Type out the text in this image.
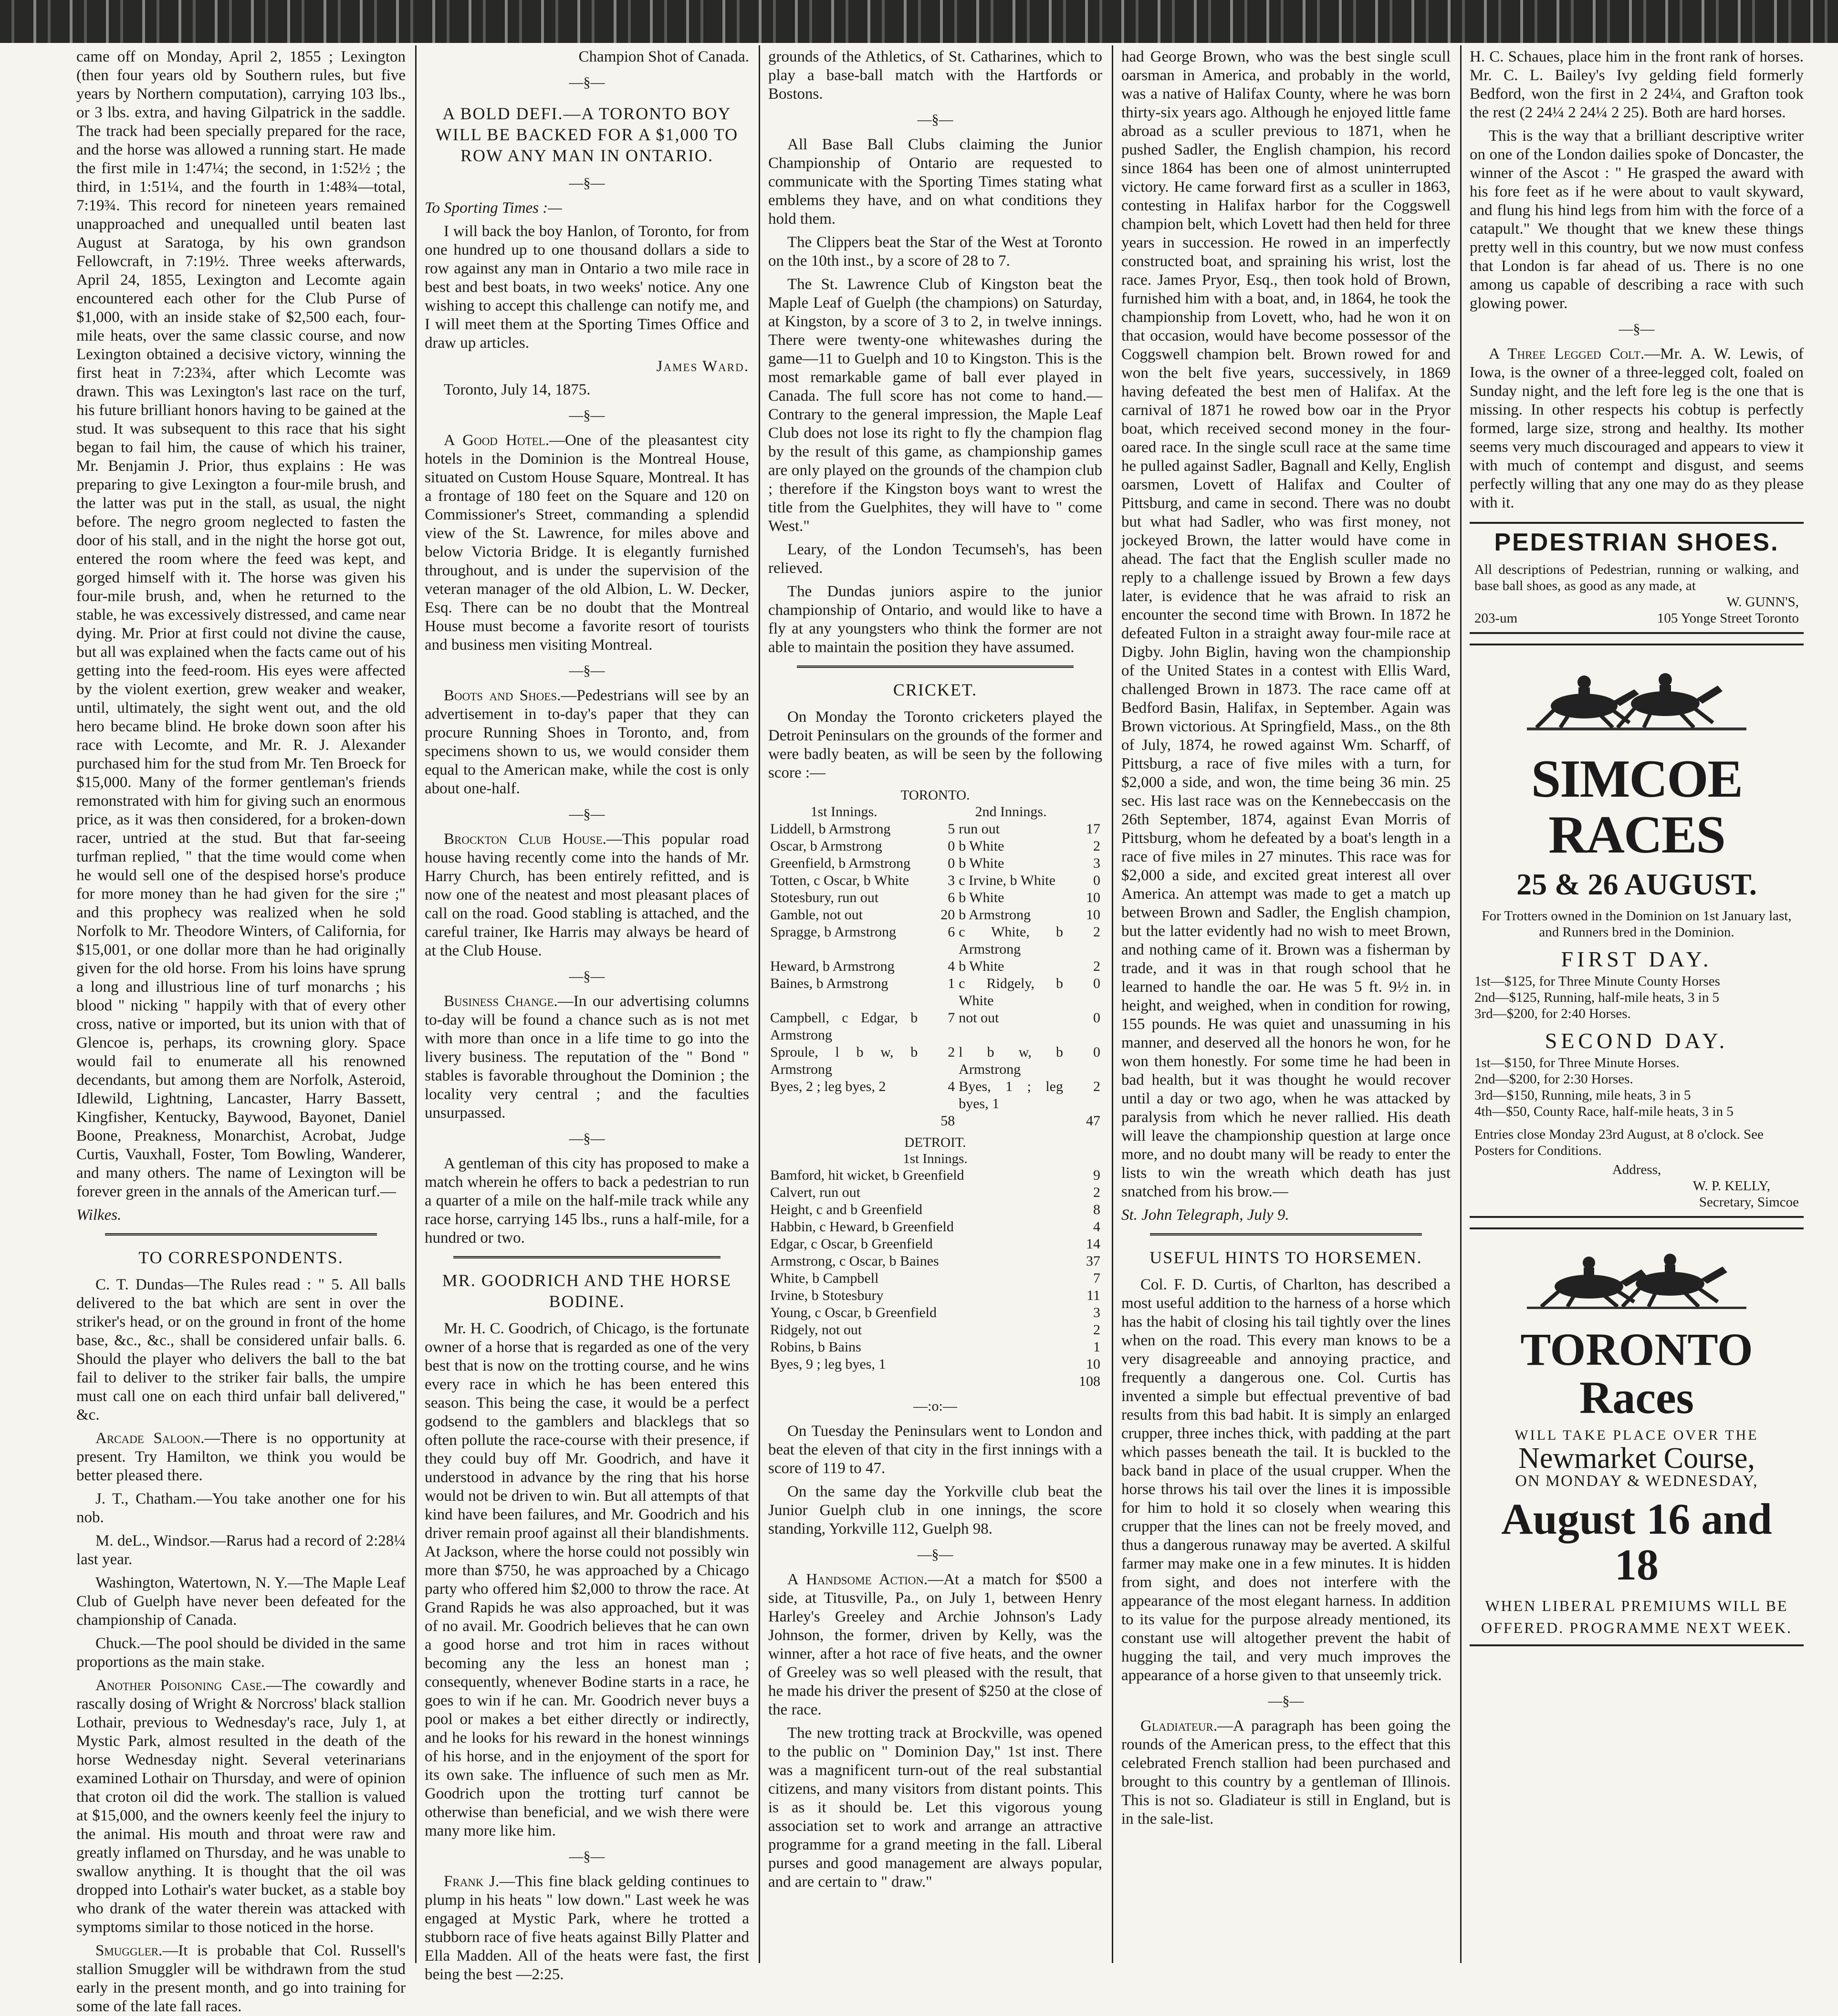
came off on Monday, April 2, 1855 ; Lexington (then four years old by Southern rules, but five years by Northern computation), carrying 103 lbs., or 3 lbs. extra, and having Gilpatrick in the saddle. The track had been specially prepared for the race, and the horse was allowed a running start. He made the first mile in 1:47¼; the second, in 1:52½ ; the third, in 1:51¼, and the fourth in 1:48¾—total, 7:19¾. This record for nineteen years remained unapproached and unequalled until beaten last August at Saratoga, by his own grandson Fellowcraft, in 7:19½. Three weeks afterwards, April 24, 1855, Lexington and Lecomte again encountered each other for the Club Purse of $1,000, with an inside stake of $2,500 each, four-mile heats, over the same classic course, and now Lexington obtained a decisive victory, winning the first heat in 7:23¾, after which Lecomte was drawn. This was Lexington's last race on the turf, his future brilliant honors having to be gained at the stud. It was subsequent to this race that his sight began to fail him, the cause of which his trainer, Mr. Benjamin J. Prior, thus explains : He was preparing to give Lexington a four-mile brush, and the latter was put in the stall, as usual, the night before. The negro groom neglected to fasten the door of his stall, and in the night the horse got out, entered the room where the feed was kept, and gorged himself with it. The horse was given his four-mile brush, and, when he returned to the stable, he was excessively distressed, and came near dying. Mr. Prior at first could not divine the cause, but all was explained when the facts came out of his getting into the feed-room. His eyes were affected by the violent exertion, grew weaker and weaker, until, ultimately, the sight went out, and the old hero became blind. He broke down soon after his race with Lecomte, and Mr. R. J. Alexander purchased him for the stud from Mr. Ten Broeck for $15,000. Many of the former gentleman's friends remonstrated with him for giving such an enormous price, as it was then considered, for a broken-down racer, untried at the stud. But that far-seeing turfman replied, " that the time would come when he would sell one of the despised horse's produce for more money than he had given for the sire ;" and this prophecy was realized when he sold Norfolk to Mr. Theodore Winters, of California, for $15,001, or one dollar more than he had originally given for the old horse. From his loins have sprung a long and illustrious line of turf monarchs ; his blood " nicking " happily with that of every other cross, native or imported, but its union with that of Glencoe is, perhaps, its crowning glory. Space would fail to enumerate all his renowned decendants, but among them are Norfolk, Asteroid, Idlewild, Lightning, Lancaster, Harry Bassett, Kingfisher, Kentucky, Baywood, Bayonet, Daniel Boone, Preakness, Monarchist, Acrobat, Judge Curtis, Vauxhall, Foster, Tom Bowling, Wanderer, and many others. The name of Lexington will be forever green in the annals of the American turf.—

Wilkes.

TO CORRESPONDENTS.

C. T. Dundas—The Rules read : " 5. All balls delivered to the bat which are sent in over the striker's head, or on the ground in front of the home base, &c., &c., shall be considered unfair balls. 6. Should the player who delivers the ball to the bat fail to deliver to the striker fair balls, the umpire must call one on each third unfair ball delivered," &c.

Arcade Saloon.—There is no opportunity at present. Try Hamilton, we think you would be better pleased there.

J. T., Chatham.—You take another one for his nob.

M. deL., Windsor.—Rarus had a record of 2:28¼ last year.

Washington, Watertown, N. Y.—The Maple Leaf Club of Guelph have never been defeated for the championship of Canada.

Chuck.—The pool should be divided in the same proportions as the main stake.

Another Poisoning Case.—The cowardly and rascally dosing of Wright & Norcross' black stallion Lothair, previous to Wednesday's race, July 1, at Mystic Park, almost resulted in the death of the horse Wednesday night. Several veterinarians examined Lothair on Thursday, and were of opinion that croton oil did the work. The stallion is valued at $15,000, and the owners keenly feel the injury to the animal. His mouth and throat were raw and greatly inflamed on Thursday, and he was unable to swallow anything. It is thought that the oil was dropped into Lothair's water bucket, as a stable boy who drank of the water therein was attacked with symptoms similar to those noticed in the horse.

Smuggler.—It is probable that Col. Russell's stallion Smuggler will be withdrawn from the stud early in the present month, and go into training for some of the late fall races.

Champion Shot of Canada.

—§—
A BOLD DEFI.—A TORONTO BOY WILL BE BACKED FOR A $1,000 TO ROW ANY MAN IN ONTARIO.
—§—

To Sporting Times :—

I will back the boy Hanlon, of Toronto, for from one hundred up to one thousand dollars a side to row against any man in Ontario a two mile race in best and best boats, in two weeks' notice. Any one wishing to accept this challenge can notify me, and I will meet them at the Sporting Times Office and draw up articles.

James Ward.

Toronto, July 14, 1875.

—§—

A Good Hotel.—One of the pleasantest city hotels in the Dominion is the Montreal House, situated on Custom House Square, Montreal. It has a frontage of 180 feet on the Square and 120 on Commissioner's Street, commanding a splendid view of the St. Lawrence, for miles above and below Victoria Bridge. It is elegantly furnished throughout, and is under the supervision of the veteran manager of the old Albion, L. W. Decker, Esq. There can be no doubt that the Montreal House must become a favorite resort of tourists and business men visiting Montreal.

—§—

Boots and Shoes.—Pedestrians will see by an advertisement in to-day's paper that they can procure Running Shoes in Toronto, and, from specimens shown to us, we would consider them equal to the American make, while the cost is only about one-half.

—§—

Brockton Club House.—This popular road house having recently come into the hands of Mr. Harry Church, has been entirely refitted, and is now one of the neatest and most pleasant places of call on the road. Good stabling is attached, and the careful trainer, Ike Harris may always be heard of at the Club House.

—§—

Business Change.—In our advertising columns to-day will be found a chance such as is not met with more than once in a life time to go into the livery business. The reputation of the " Bond " stables is favorable throughout the Dominion ; the locality very central ; and the faculties unsurpassed.

—§—

A gentleman of this city has proposed to make a match wherein he offers to back a pedestrian to run a quarter of a mile on the half-mile track while any race horse, carrying 145 lbs., runs a half-mile, for a hundred or two.

MR. GOODRICH AND THE HORSE BODINE.

Mr. H. C. Goodrich, of Chicago, is the fortunate owner of a horse that is regarded as one of the very best that is now on the trotting course, and he wins every race in which he has been entered this season. This being the case, it would be a perfect godsend to the gamblers and blacklegs that so often pollute the race-course with their presence, if they could buy off Mr. Goodrich, and have it understood in advance by the ring that his horse would not be driven to win. But all attempts of that kind have been failures, and Mr. Goodrich and his driver remain proof against all their blandishments. At Jackson, where the horse could not possibly win more than $750, he was approached by a Chicago party who offered him $2,000 to throw the race. At Grand Rapids he was also approached, but it was of no avail. Mr. Goodrich believes that he can own a good horse and trot him in races without becoming any the less an honest man ; consequently, whenever Bodine starts in a race, he goes to win if he can. Mr. Goodrich never buys a pool or makes a bet either directly or indirectly, and he looks for his reward in the honest winnings of his horse, and in the enjoyment of the sport for its own sake. The influence of such men as Mr. Goodrich upon the trotting turf cannot be otherwise than beneficial, and we wish there were many more like him.

—§—

Frank J.—This fine black gelding continues to plump in his heats " low down." Last week he was engaged at Mystic Park, where he trotted a stubborn race of five heats against Billy Platter and Ella Madden. All of the heats were fast, the first being the best —2:25.

grounds of the Athletics, of St. Catharines, which to play a base-ball match with the Hartfords or Bostons.

—§—

All Base Ball Clubs claiming the Junior Championship of Ontario are requested to communicate with the Sporting Times stating what emblems they have, and on what conditions they hold them.

The Clippers beat the Star of the West at Toronto on the 10th inst., by a score of 28 to 7.

The St. Lawrence Club of Kingston beat the Maple Leaf of Guelph (the champions) on Saturday, at Kingston, by a score of 3 to 2, in twelve innings. There were twenty-one whitewashes during the game—11 to Guelph and 10 to Kingston. This is the most remarkable game of ball ever played in Canada. The full score has not come to hand.—Contrary to the general impression, the Maple Leaf Club does not lose its right to fly the champion flag by the result of this game, as championship games are only played on the grounds of the champion club ; therefore if the Kingston boys want to wrest the title from the Guelphites, they will have to " come West."

Leary, of the London Tecumseh's, has been relieved.

The Dundas juniors aspire to the junior championship of Ontario, and would like to have a fly at any youngsters who think the former are not able to maintain the position they have assumed.

CRICKET.

On Monday the Toronto cricketers played the Detroit Peninsulars on the grounds of the former and were badly beaten, as will be seen by the following score :—

TORONTO.
1st Innings.		2nd Innings.	
Liddell, b Armstrong	5	run out	17
Oscar, b Armstrong	0	b White	2
Greenfield, b Armstrong	0	b White	3
Totten, c Oscar, b White	3	c Irvine, b White	0
Stotesbury, run out	6	b White	10
Gamble, not out	20	b Armstrong	10
Spragge, b Armstrong	6	c White, b Armstrong	2
Heward, b Armstrong	4	b White	2
Baines, b Armstrong	1	c Ridgely, b White	0
Campbell, c Edgar, b Armstrong	7	not out	0
Sproule, l b w, b Armstrong	2	l b w, b Armstrong	0
Byes, 2 ; leg byes, 2	4	Byes, 1 ; leg byes, 1	2
	58		47
DETROIT.
1st Innings.
Bamford, hit wicket, b Greenfield	9
Calvert, run out	2
Height, c and b Greenfield	8
Habbin, c Heward, b Greenfield	4
Edgar, c Oscar, b Greenfield	14
Armstrong, c Oscar, b Baines	37
White, b Campbell	7
Irvine, b Stotesbury	11
Young, c Oscar, b Greenfield	3
Ridgely, not out	2
Robins, b Bains	1
Byes, 9 ; leg byes, 1	10
	108
—:o:—

On Tuesday the Peninsulars went to London and beat the eleven of that city in the first innings with a score of 119 to 47.

On the same day the Yorkville club beat the Junior Guelph club in one innings, the score standing, Yorkville 112, Guelph 98.

—§—

A Handsome Action.—At a match for $500 a side, at Titusville, Pa., on July 1, between Henry Harley's Greeley and Archie Johnson's Lady Johnson, the former, driven by Kelly, was the winner, after a hot race of five heats, and the owner of Greeley was so well pleased with the result, that he made his driver the present of $250 at the close of the race.

The new trotting track at Brockville, was opened to the public on " Dominion Day," 1st inst. There was a magnificent turn-out of the real substantial citizens, and many visitors from distant points. This is as it should be. Let this vigorous young association set to work and arrange an attractive programme for a grand meeting in the fall. Liberal purses and good management are always popular, and are certain to " draw."

had George Brown, who was the best single scull oarsman in America, and probably in the world, was a native of Halifax County, where he was born thirty-six years ago. Although he enjoyed little fame abroad as a sculler previous to 1871, when he pushed Sadler, the English champion, his record since 1864 has been one of almost uninterrupted victory. He came forward first as a sculler in 1863, contesting in Halifax harbor for the Coggswell champion belt, which Lovett had then held for three years in succession. He rowed in an imperfectly constructed boat, and spraining his wrist, lost the race. James Pryor, Esq., then took hold of Brown, furnished him with a boat, and, in 1864, he took the championship from Lovett, who, had he won it on that occasion, would have become possessor of the Coggswell champion belt. Brown rowed for and won the belt five years, successively, in 1869 having defeated the best men of Halifax. At the carnival of 1871 he rowed bow oar in the Pryor boat, which received second money in the four-oared race. In the single scull race at the same time he pulled against Sadler, Bagnall and Kelly, English oarsmen, Lovett of Halifax and Coulter of Pittsburg, and came in second. There was no doubt but what had Sadler, who was first money, not jockeyed Brown, the latter would have come in ahead. The fact that the English sculler made no reply to a challenge issued by Brown a few days later, is evidence that he was afraid to risk an encounter the second time with Brown. In 1872 he defeated Fulton in a straight away four-mile race at Digby. John Biglin, having won the championship of the United States in a contest with Ellis Ward, challenged Brown in 1873. The race came off at Bedford Basin, Halifax, in September. Again was Brown victorious. At Springfield, Mass., on the 8th of July, 1874, he rowed against Wm. Scharff, of Pittsburg, a race of five miles with a turn, for $2,000 a side, and won, the time being 36 min. 25 sec. His last race was on the Kennebeccasis on the 26th September, 1874, against Evan Morris of Pittsburg, whom he defeated by a boat's length in a race of five miles in 27 minutes. This race was for $2,000 a side, and excited great interest all over America. An attempt was made to get a match up between Brown and Sadler, the English champion, but the latter evidently had no wish to meet Brown, and nothing came of it. Brown was a fisherman by trade, and it was in that rough school that he learned to handle the oar. He was 5 ft. 9½ in. in height, and weighed, when in condition for rowing, 155 pounds. He was quiet and unassuming in his manner, and deserved all the honors he won, for he won them honestly. For some time he had been in bad health, but it was thought he would recover until a day or two ago, when he was attacked by paralysis from which he never rallied. His death will leave the championship question at large once more, and no doubt many will be ready to enter the lists to win the wreath which death has just snatched from his brow.—

St. John Telegraph, July 9.

USEFUL HINTS TO HORSEMEN.

Col. F. D. Curtis, of Charlton, has described a most useful addition to the harness of a horse which has the habit of closing his tail tightly over the lines when on the road. This every man knows to be a very disagreeable and annoying practice, and frequently a dangerous one. Col. Curtis has invented a simple but effectual preventive of bad results from this bad habit. It is simply an enlarged crupper, three inches thick, with padding at the part which passes beneath the tail. It is buckled to the back band in place of the usual crupper. When the horse throws his tail over the lines it is impossible for him to hold it so closely when wearing this crupper that the lines can not be freely moved, and thus a dangerous runaway may be averted. A skilful farmer may make one in a few minutes. It is hidden from sight, and does not interfere with the appearance of the most elegant harness. In addition to its value for the purpose already mentioned, its constant use will altogether prevent the habit of hugging the tail, and very much improves the appearance of a horse given to that unseemly trick.

—§—

Gladiateur.—A paragraph has been going the rounds of the American press, to the effect that this celebrated French stallion had been purchased and brought to this country by a gentleman of Illinois. This is not so. Gladiateur is still in England, but is in the sale-list.

H. C. Schaues, place him in the front rank of horses. Mr. C. L. Bailey's Ivy gelding field formerly Bedford, won the first in 2 24¼, and Grafton took the rest (2 24¼ 2 24¼ 2 25). Both are hard horses.

This is the way that a brilliant descriptive writer on one of the London dailies spoke of Doncaster, the winner of the Ascot : " He grasped the award with his fore feet as if he were about to vault skyward, and flung his hind legs from him with the force of a catapult." We thought that we knew these things pretty well in this country, but we now must confess that London is far ahead of us. There is no one among us capable of describing a race with such glowing power.

—§—

A Three Legged Colt.—Mr. A. W. Lewis, of Iowa, is the owner of a three-legged colt, foaled on Sunday night, and the left fore leg is the one that is missing. In other respects his cobtup is perfectly formed, large size, strong and healthy. Its mother seems very much discouraged and appears to view it with much of contempt and disgust, and seems perfectly willing that any one may do as they please with it.

PEDESTRIAN SHOES.
All descriptions of Pedestrian, running or walking, and base ball shoes, as good as any made, at
W. GUNN'S,
203-um	105 Yonge Street Toronto
SIMCOE RACES
25 & 26 AUGUST.
For Trotters owned in the Dominion on 1st January last, and Runners bred in the Dominion.
FIRST DAY.
1st—$125, for Three Minute County Horses
2nd—$125, Running, half-mile heats, 3 in 5
3rd—$200, for 2:40 Horses.
SECOND DAY.
1st—$150, for Three Minute Horses.
2nd—$200, for 2:30 Horses.
3rd—$150, Running, mile heats, 3 in 5
4th—$50, County Race, half-mile heats, 3 in 5
Entries close Monday 23rd August, at 8 o'clock. See Posters for Conditions.
Address,
W. P. KELLY,
Secretary, Simcoe
TORONTO Races
WILL TAKE PLACE OVER THE
Newmarket Course,
ON MONDAY & WEDNESDAY,
August 16 and 18
WHEN LIBERAL PREMIUMS WILL BE OFFERED. PROGRAMME NEXT WEEK.
